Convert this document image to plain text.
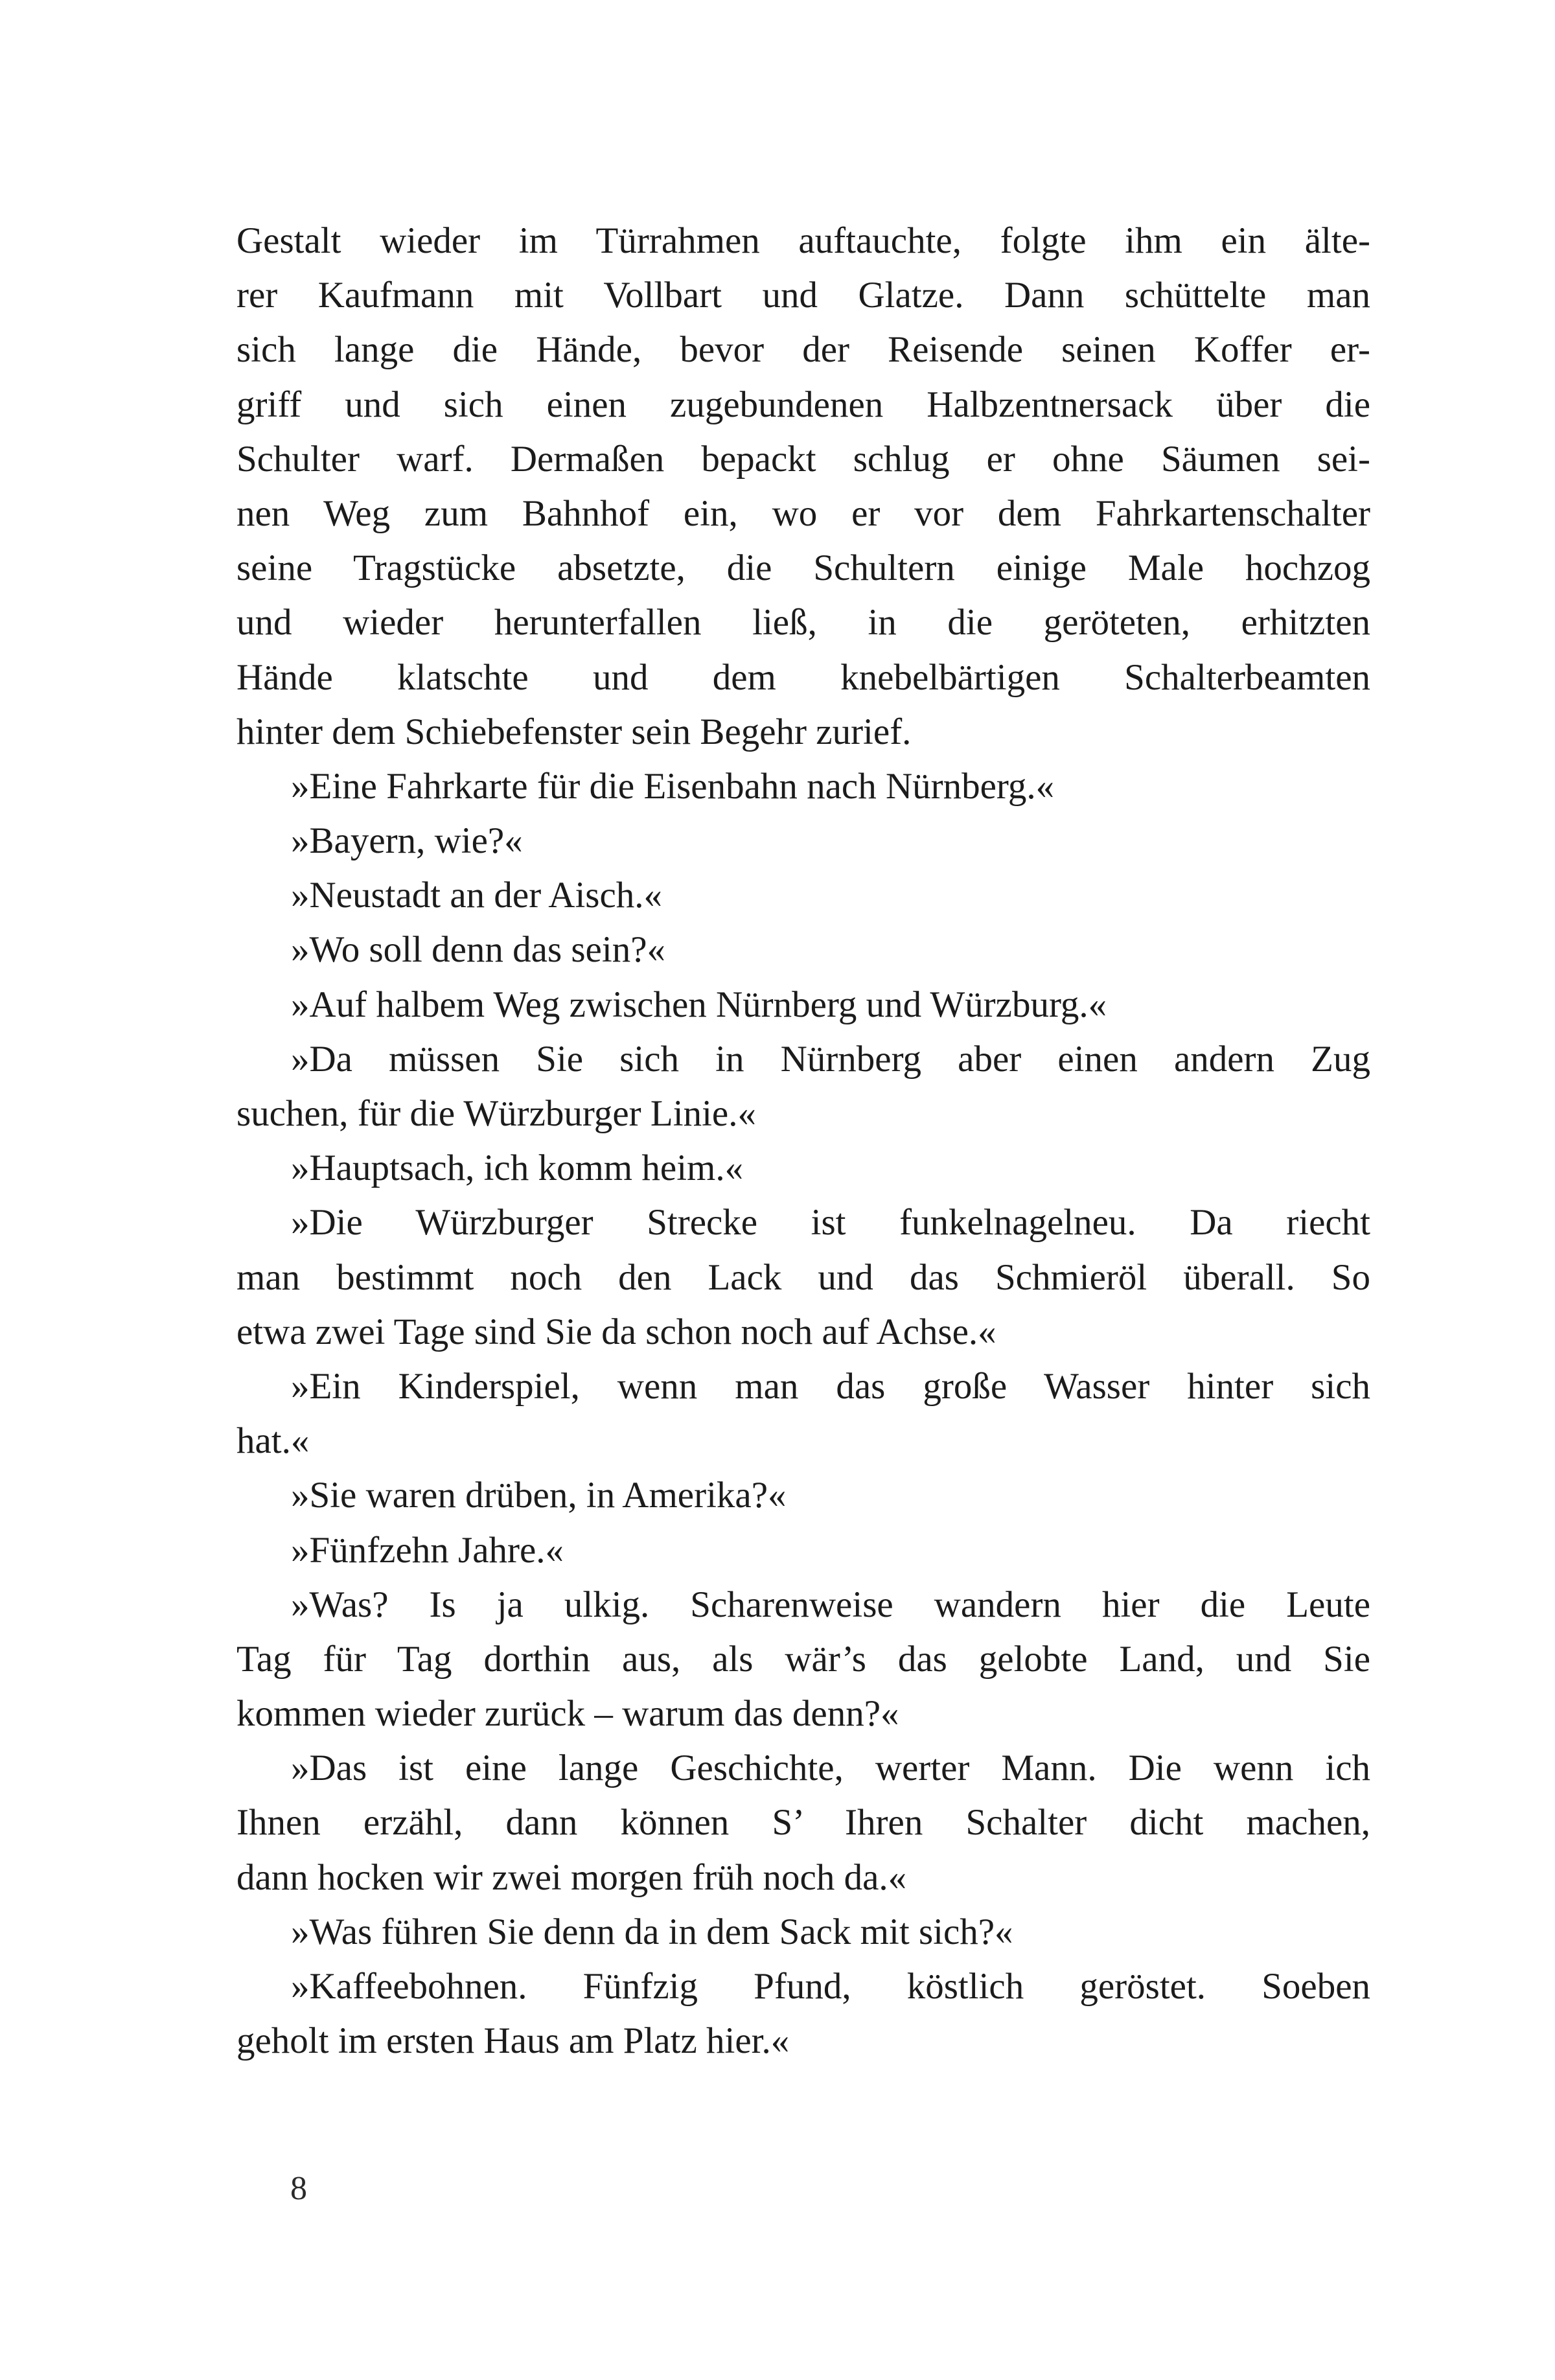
Gestalt wieder im Türrahmen auftauchte, folgte ihm ein älte-
rer Kaufmann mit Vollbart und Glatze. Dann schüttelte man
sich lange die Hände, bevor der Reisende seinen Koffer er-
griff und sich einen zugebundenen Halbzentnersack über die
Schulter warf. Dermaßen bepackt schlug er ohne Säumen sei-
nen Weg zum Bahnhof ein, wo er vor dem Fahrkartenschalter
seine Tragstücke absetzte, die Schultern einige Male hochzog
und wieder herunterfallen ließ, in die geröteten, erhitzten
Hände klatschte und dem knebelbärtigen Schalterbeamten
hinter dem Schiebefenster sein Begehr zurief.
»Eine Fahrkarte für die Eisenbahn nach Nürnberg.«
»Bayern, wie?«
»Neustadt an der Aisch.«
»Wo soll denn das sein?«
»Auf halbem Weg zwischen Nürnberg und Würzburg.«
»Da müssen Sie sich in Nürnberg aber einen andern Zug
suchen, für die Würzburger Linie.«
»Hauptsach, ich komm heim.«
»Die Würzburger Strecke ist funkelnagelneu. Da riecht
man bestimmt noch den Lack und das Schmieröl überall. So
etwa zwei Tage sind Sie da schon noch auf Achse.«
»Ein Kinderspiel, wenn man das große Wasser hinter sich
hat.«
»Sie waren drüben, in Amerika?«
»Fünfzehn Jahre.«
»Was? Is ja ulkig. Scharenweise wandern hier die Leute
Tag für Tag dorthin aus, als wär’s das gelobte Land, und Sie
kommen wieder zurück – warum das denn?«
»Das ist eine lange Geschichte, werter Mann. Die wenn ich
Ihnen erzähl, dann können S’ Ihren Schalter dicht machen,
dann hocken wir zwei morgen früh noch da.«
»Was führen Sie denn da in dem Sack mit sich?«
»Kaffeebohnen. Fünfzig Pfund, köstlich geröstet. Soeben
geholt im ersten Haus am Platz hier.«
8
